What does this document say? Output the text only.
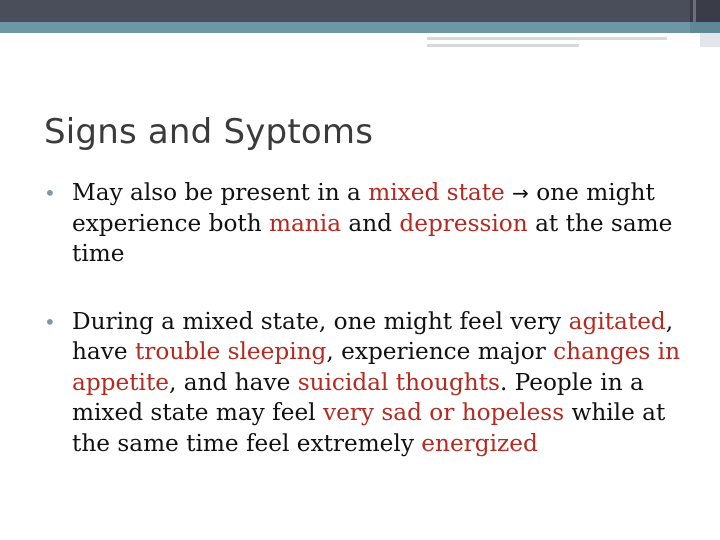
Signs and Syptoms
• May also be present in a mixed state → one might experience both mania and depression at the same time
• During a mixed state, one might feel very agitated, have trouble sleeping, experience major changes in appetite, and have suicidal thoughts. People in a mixed state may feel very sad or hopeless while at the same time feel extremely energized
